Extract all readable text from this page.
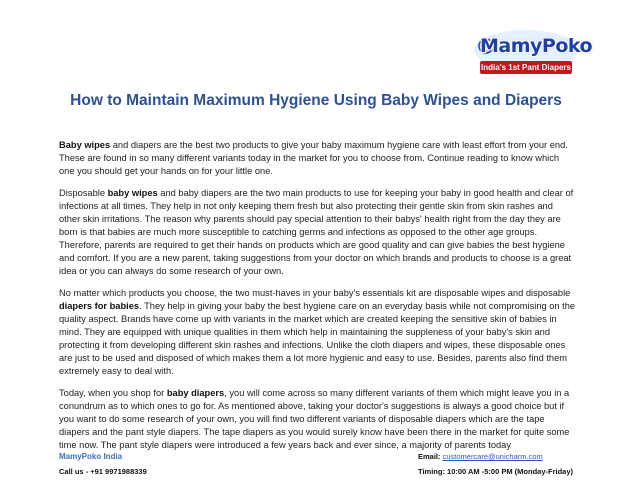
MamyPoko
India's 1st Pant Diapers
How to Maintain Maximum Hygiene Using Baby Wipes and Diapers

Baby wipes and diapers are the best two products to give your baby maximum hygiene care with least effort from your end. These are found in so many different variants today in the market for you to choose from. Continue reading to know which one you should get your hands on for your little one.

Disposable baby wipes and baby diapers are the two main products to use for keeping your baby in good health and clear of infections at all times. They help in not only keeping them fresh but also protecting their gentle skin from skin rashes and other skin irritations. The reason why parents should pay special attention to their babys' health right from the day they are born is that babies are much more susceptible to catching germs and infections as opposed to the other age groups. Therefore, parents are required to get their hands on products which are good quality and can give babies the best hygiene and comfort. If you are a new parent, taking suggestions from your doctor on which brands and products to choose is a great idea or you can always do some research of your own.

No matter which products you choose, the two must-haves in your baby's essentials kit are disposable wipes and disposable diapers for babies. They help in giving your baby the best hygiene care on an everyday basis while not compromising on the quality aspect. Brands have come up with variants in the market which are created keeping the sensitive skin of babies in mind. They are equipped with unique qualities in them which help in maintaining the suppleness of your baby's skin and protecting it from developing different skin rashes and infections. Unlike the cloth diapers and wipes, these disposable ones are just to be used and disposed of which makes them a lot more hygienic and easy to use. Besides, parents also find them extremely easy to deal with.

Today, when you shop for baby diapers, you will come across so many different variants of them which might leave you in a conundrum as to which ones to go for. As mentioned above, taking your doctor's suggestions is always a good choice but if you want to do some research of your own, you will find two different variants of disposable diapers which are the tape diapers and the pant style diapers. The tape diapers as you would surely know have been there in the market for quite some time now. The pant style diapers were introduced a few years back and ever since, a majority of parents today

MamyPoko India
Call us - +91 9971988339
Email: customercare@unicharm.com
Timing: 10:00 AM -5:00 PM (Monday-Friday)
